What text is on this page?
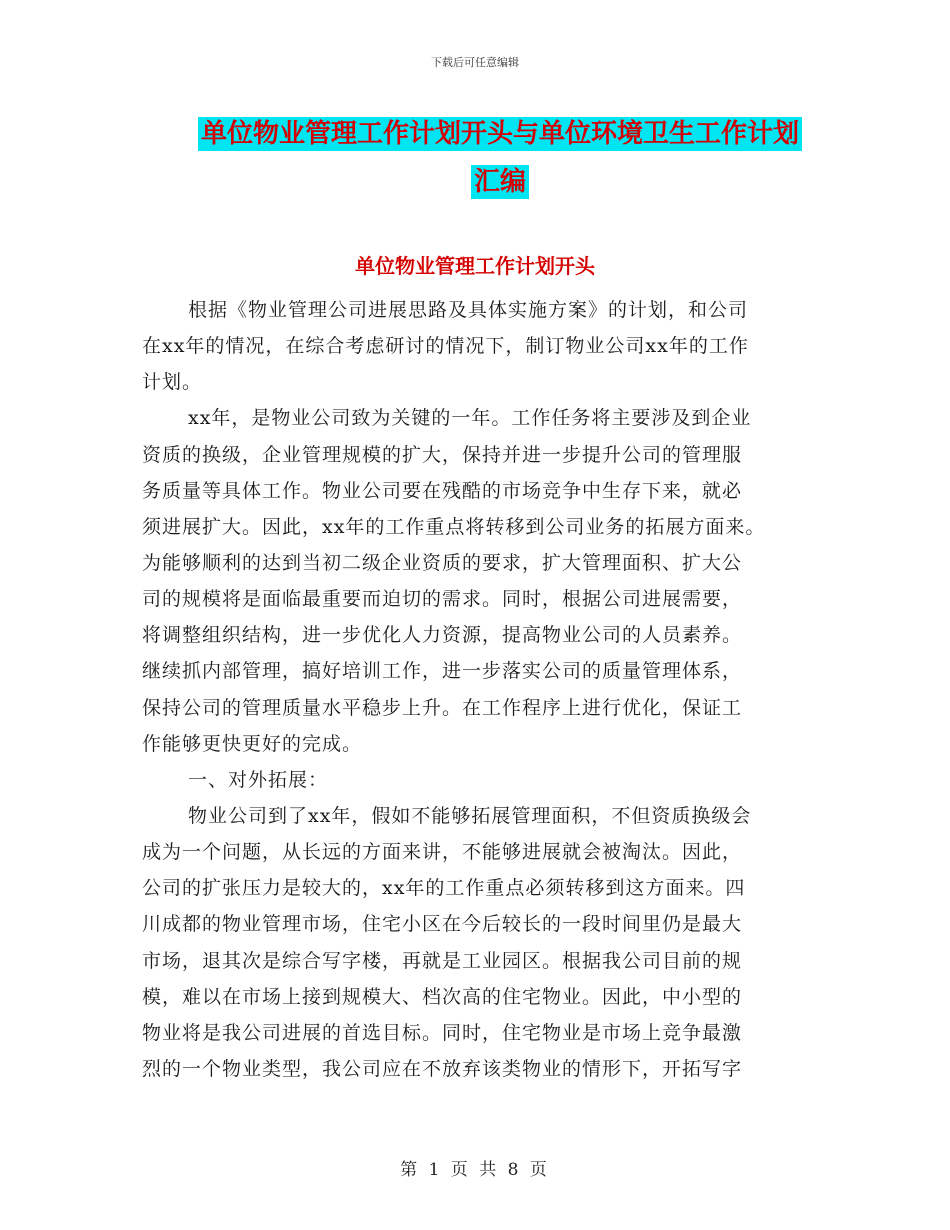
下载后可任意编辑
单位物业管理工作计划开头与单位环境卫生工作计划汇编
单位物业管理工作计划开头
根据《物业管理公司进展思路及具体实施方案》的计划，和公司
在xx年的情况，在综合考虑研讨的情况下，制订物业公司xx年的工作
计划。
xx年，是物业公司致为关键的一年。工作任务将主要涉及到企业
资质的换级，企业管理规模的扩大，保持并进一步提升公司的管理服
务质量等具体工作。物业公司要在残酷的市场竞争中生存下来，就必
须进展扩大。因此，xx年的工作重点将转移到公司业务的拓展方面来。
为能够顺利的达到当初二级企业资质的要求，扩大管理面积、扩大公
司的规模将是面临最重要而迫切的需求。同时，根据公司进展需要，
将调整组织结构，进一步优化人力资源，提高物业公司的人员素养。
继续抓内部管理，搞好培训工作，进一步落实公司的质量管理体系，
保持公司的管理质量水平稳步上升。在工作程序上进行优化，保证工
作能够更快更好的完成。
一、对外拓展：
物业公司到了xx年，假如不能够拓展管理面积，不但资质换级会
成为一个问题，从长远的方面来讲，不能够进展就会被淘汰。因此，
公司的扩张压力是较大的，xx年的工作重点必须转移到这方面来。四
川成都的物业管理市场，住宅小区在今后较长的一段时间里仍是最大
市场，退其次是综合写字楼，再就是工业园区。根据我公司目前的规
模，难以在市场上接到规模大、档次高的住宅物业。因此，中小型的
物业将是我公司进展的首选目标。同时，住宅物业是市场上竞争最激
烈的一个物业类型，我公司应在不放弃该类物业的情形下，开拓写字
第 1 页 共 8 页
